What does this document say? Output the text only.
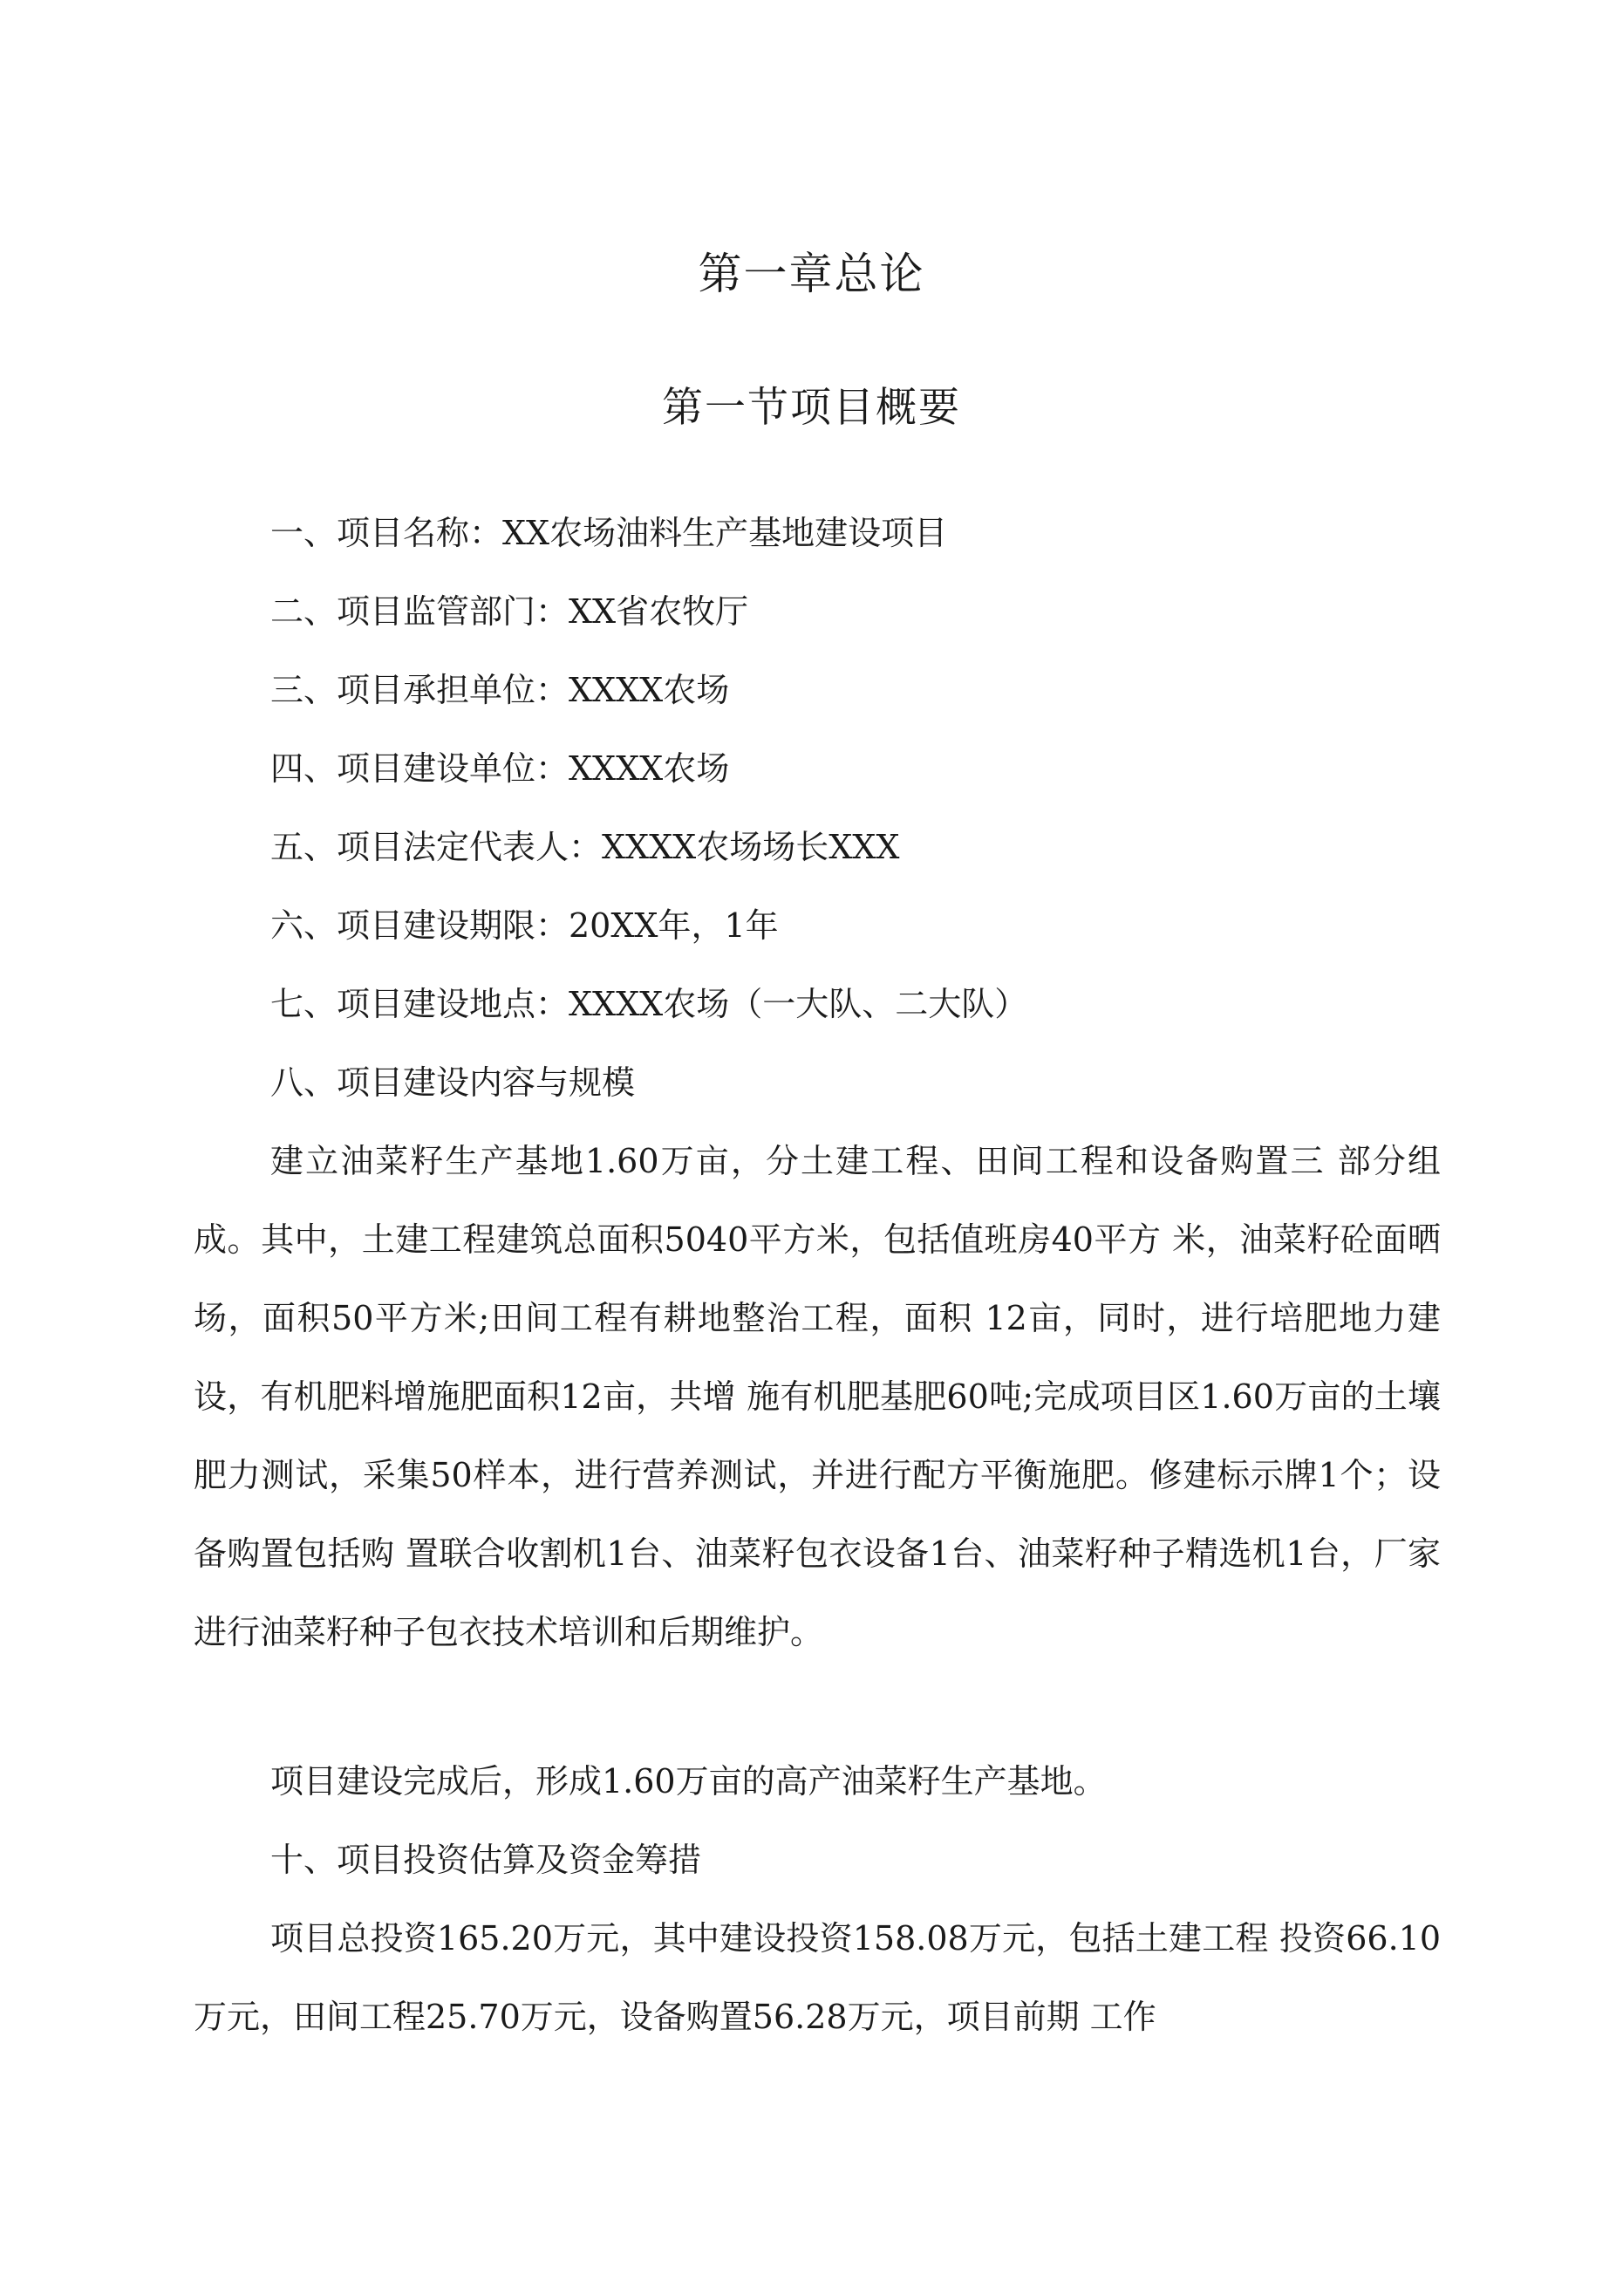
第一章总论
第一节项目概要
一、项目名称：XX农场油料生产基地建设项目
二、项目监管部门：XX省农牧厅
三、项目承担单位：XXXX农场
四、项目建设单位：XXXX农场
五、项目法定代表人：XXXX农场场长XXX
六、项目建设期限：20XX年，1年
七、项目建设地点：XXXX农场（一大队、二大队）
八、项目建设内容与规模

建立油菜籽生产基地1.60万亩，分土建工程、田间工程和设备购置三 部分组成。其中，土建工程建筑总面积5040平方米，包括值班房40平方 米，油菜籽砼面晒场，面积50平方米;田间工程有耕地整治工程，面积 12亩，同时，进行培肥地力建设，有机肥料增施肥面积12亩，共增 施有机肥基肥60吨;完成项目区1.60万亩的土壤肥力测试，采集50样本，进行营养测试，并进行配方平衡施肥。修建标示牌1个；设备购置包括购 置联合收割机1台、油菜籽包衣设备1台、油菜籽种子精选机1台，厂家 进行油菜籽种子包衣技术培训和后期维护。

项目建设完成后，形成1.60万亩的高产油菜籽生产基地。

十、项目投资估算及资金筹措

项目总投资165.20万元，其中建设投资158.08万元，包括土建工程 投资66.10万元，田间工程25.70万元，设备购置56.28万元，项目前期 工作
